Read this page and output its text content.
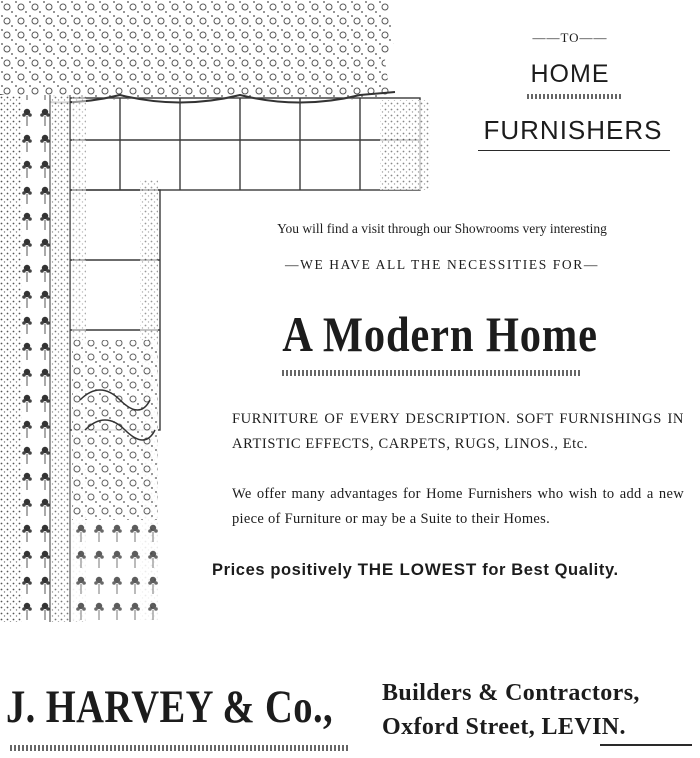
——TO——
HOME
FURNISHERS
You will find a visit through our Showrooms very interesting
—WE HAVE ALL THE NECESSITIES FOR—
A Modern Home
FURNITURE OF EVERY DESCRIPTION. SOFT FURNISHINGS IN ARTISTIC EFFECTS, CARPETS, RUGS, LINOS., Etc.
We offer many advantages for Home Furnishers who wish to add a new piece of Furniture or may be a Suite to their Homes.
Prices positively THE LOWEST for Best Quality.
J. HARVEY & Co., Builders & Contractors,
Oxford Street, LEVIN.
